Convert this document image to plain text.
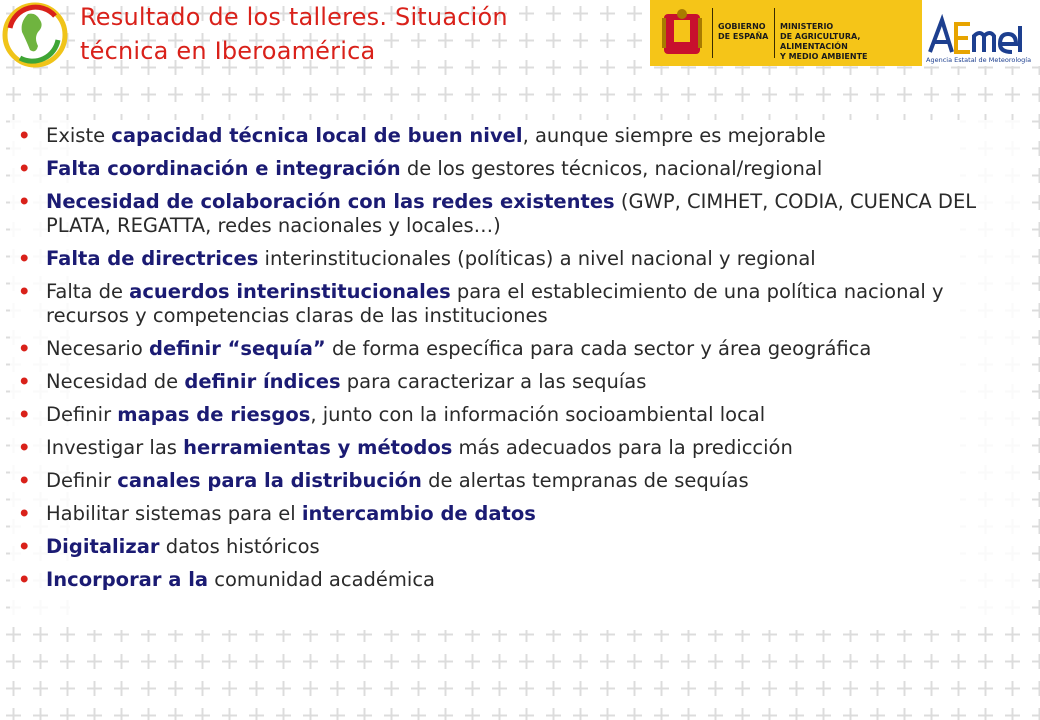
Resultado de los talleres. Situación
técnica en Iberoamérica
GOBIERNO
DE ESPAÑA
MINISTERIO
DE AGRICULTURA, ALIMENTACIÓN
Y MEDIO AMBIENTE	Agencia Estatal de Meteorología
• Existe capacidad técnica local de buen nivel, aunque siempre es mejorable
• Falta coordinación e integración de los gestores técnicos, nacional/regional
• Necesidad de colaboración con las redes existentes (GWP, CIMHET, CODIA, CUENCA DEL PLATA, REGATTA, redes nacionales y locales…)
• Falta de directrices interinstitucionales (políticas) a nivel nacional y regional
• Falta de acuerdos interinstitucionales para el establecimiento de una política nacional y recursos y competencias claras de las instituciones
• Necesario definir “sequía” de forma específica para cada sector y área geográfica
• Necesidad de definir índices para caracterizar a las sequías
• Definir mapas de riesgos, junto con la información socioambiental local
• Investigar las herramientas y métodos más adecuados para la predicción
• Definir canales para la distribución de alertas tempranas de sequías
• Habilitar sistemas para el intercambio de datos
• Digitalizar datos históricos
• Incorporar a la comunidad académica
